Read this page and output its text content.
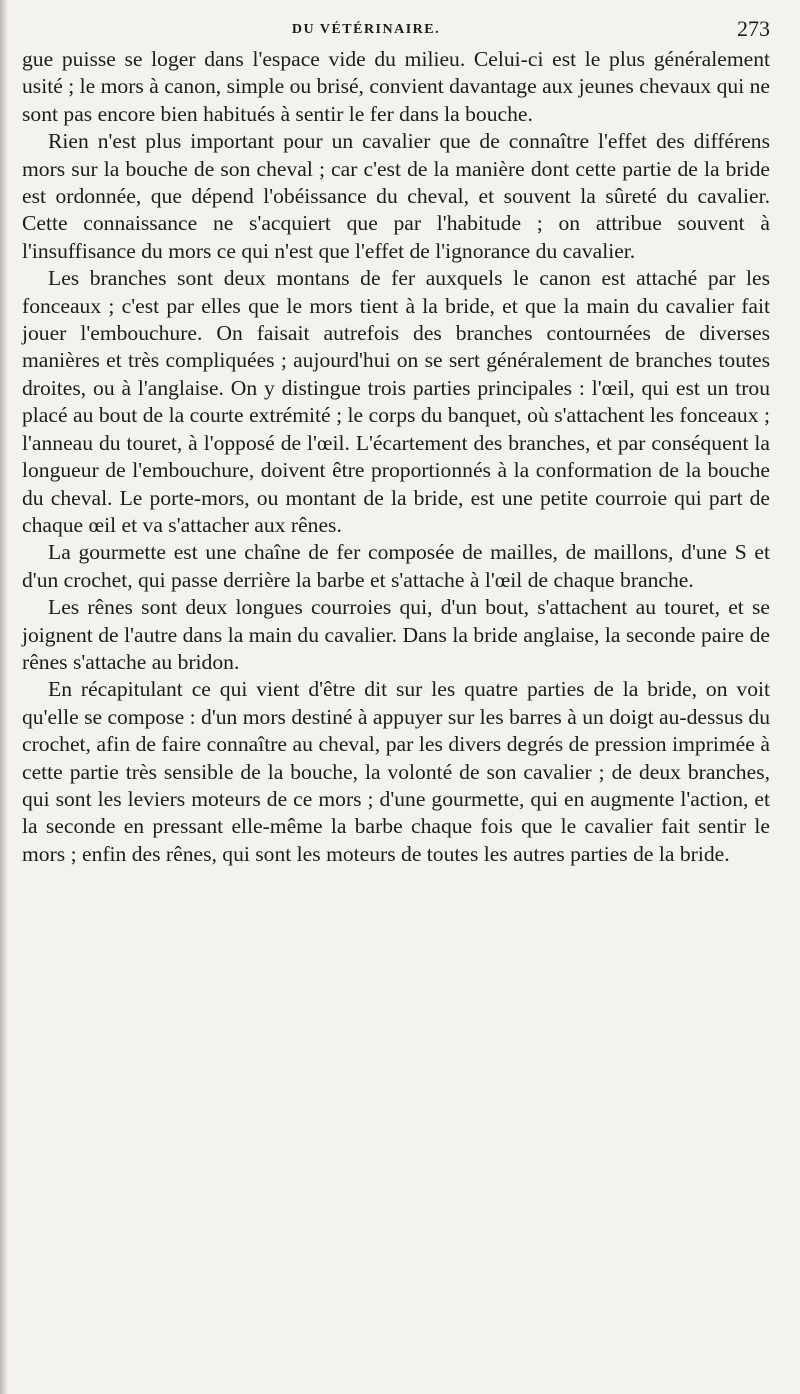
DU VÉTÉRINAIRE.	273

gue puisse se loger dans l'espace vide du milieu. Celui-ci est le plus généralement usité ; le mors à canon, simple ou brisé, convient davantage aux jeunes chevaux qui ne sont pas encore bien habitués à sentir le fer dans la bouche.

Rien n'est plus important pour un cavalier que de connaître l'effet des différens mors sur la bouche de son cheval ; car c'est de la manière dont cette partie de la bride est ordonnée, que dépend l'obéissance du cheval, et souvent la sûreté du cavalier. Cette connaissance ne s'acquiert que par l'habitude ; on attribue souvent à l'insuffisance du mors ce qui n'est que l'effet de l'ignorance du cavalier.

Les branches sont deux montans de fer auxquels le canon est attaché par les fonceaux ; c'est par elles que le mors tient à la bride, et que la main du cavalier fait jouer l'embouchure. On faisait autrefois des branches contournées de diverses manières et très compliquées ; aujourd'hui on se sert généralement de branches toutes droites, ou à l'anglaise. On y distingue trois parties principales : l'œil, qui est un trou placé au bout de la courte extrémité ; le corps du banquet, où s'attachent les fonceaux ; l'anneau du touret, à l'opposé de l'œil. L'écartement des branches, et par conséquent la longueur de l'embouchure, doivent être proportionnés à la conformation de la bouche du cheval. Le porte-mors, ou montant de la bride, est une petite courroie qui part de chaque œil et va s'attacher aux rênes.

La gourmette est une chaîne de fer composée de mailles, de maillons, d'une S et d'un crochet, qui passe derrière la barbe et s'attache à l'œil de chaque branche.

Les rênes sont deux longues courroies qui, d'un bout, s'attachent au touret, et se joignent de l'autre dans la main du cavalier. Dans la bride anglaise, la seconde paire de rênes s'attache au bridon.

En récapitulant ce qui vient d'être dit sur les quatre parties de la bride, on voit qu'elle se compose : d'un mors destiné à appuyer sur les barres à un doigt au-dessus du crochet, afin de faire connaître au cheval, par les divers degrés de pression imprimée à cette partie très sensible de la bouche, la volonté de son cavalier ; de deux branches, qui sont les leviers moteurs de ce mors ; d'une gourmette, qui en augmente l'action, et la seconde en pressant elle-même la barbe chaque fois que le cavalier fait sentir le mors ; enfin des rênes, qui sont les moteurs de toutes les autres parties de la bride.
